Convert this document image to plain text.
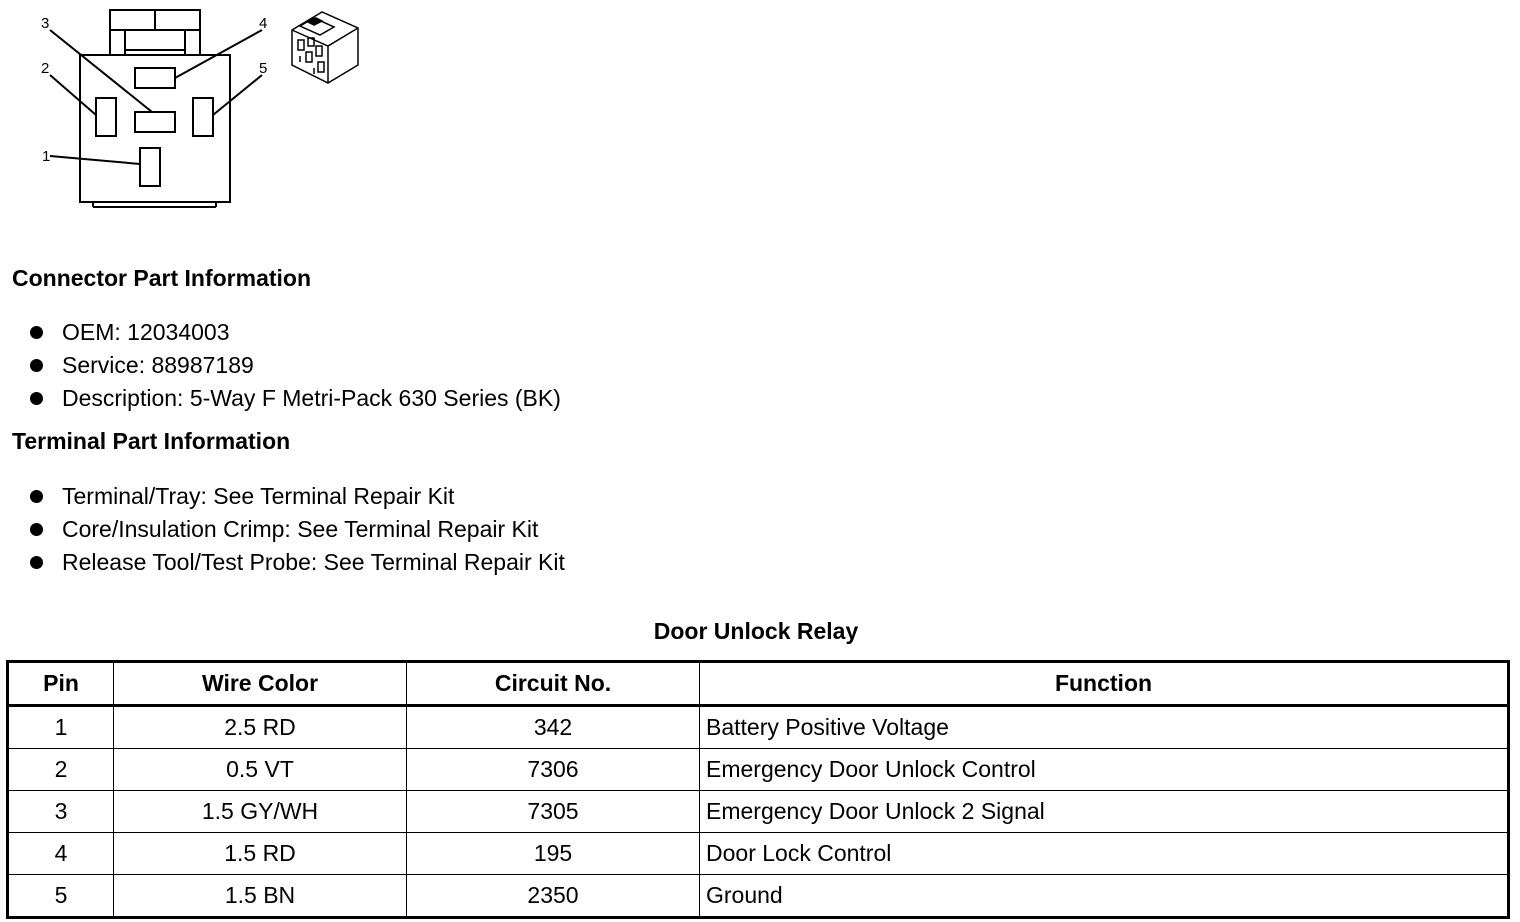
1
2
3	4
5
Connector Part Information
OEM: 12034003
Service: 88987189
Description: 5-Way F Metri-Pack 630 Series (BK)
Terminal Part Information
Terminal/Tray: See Terminal Repair Kit
Core/Insulation Crimp: See Terminal Repair Kit
Release Tool/Test Probe: See Terminal Repair Kit
Door Unlock Relay
Pin	Wire Color	Circuit No.	Function
1	2.5 RD	342	Battery Positive Voltage
2	0.5 VT	7306	Emergency Door Unlock Control
3	1.5 GY/WH	7305	Emergency Door Unlock 2 Signal
4	1.5 RD	195	Door Lock Control
5	1.5 BN	2350	Ground
